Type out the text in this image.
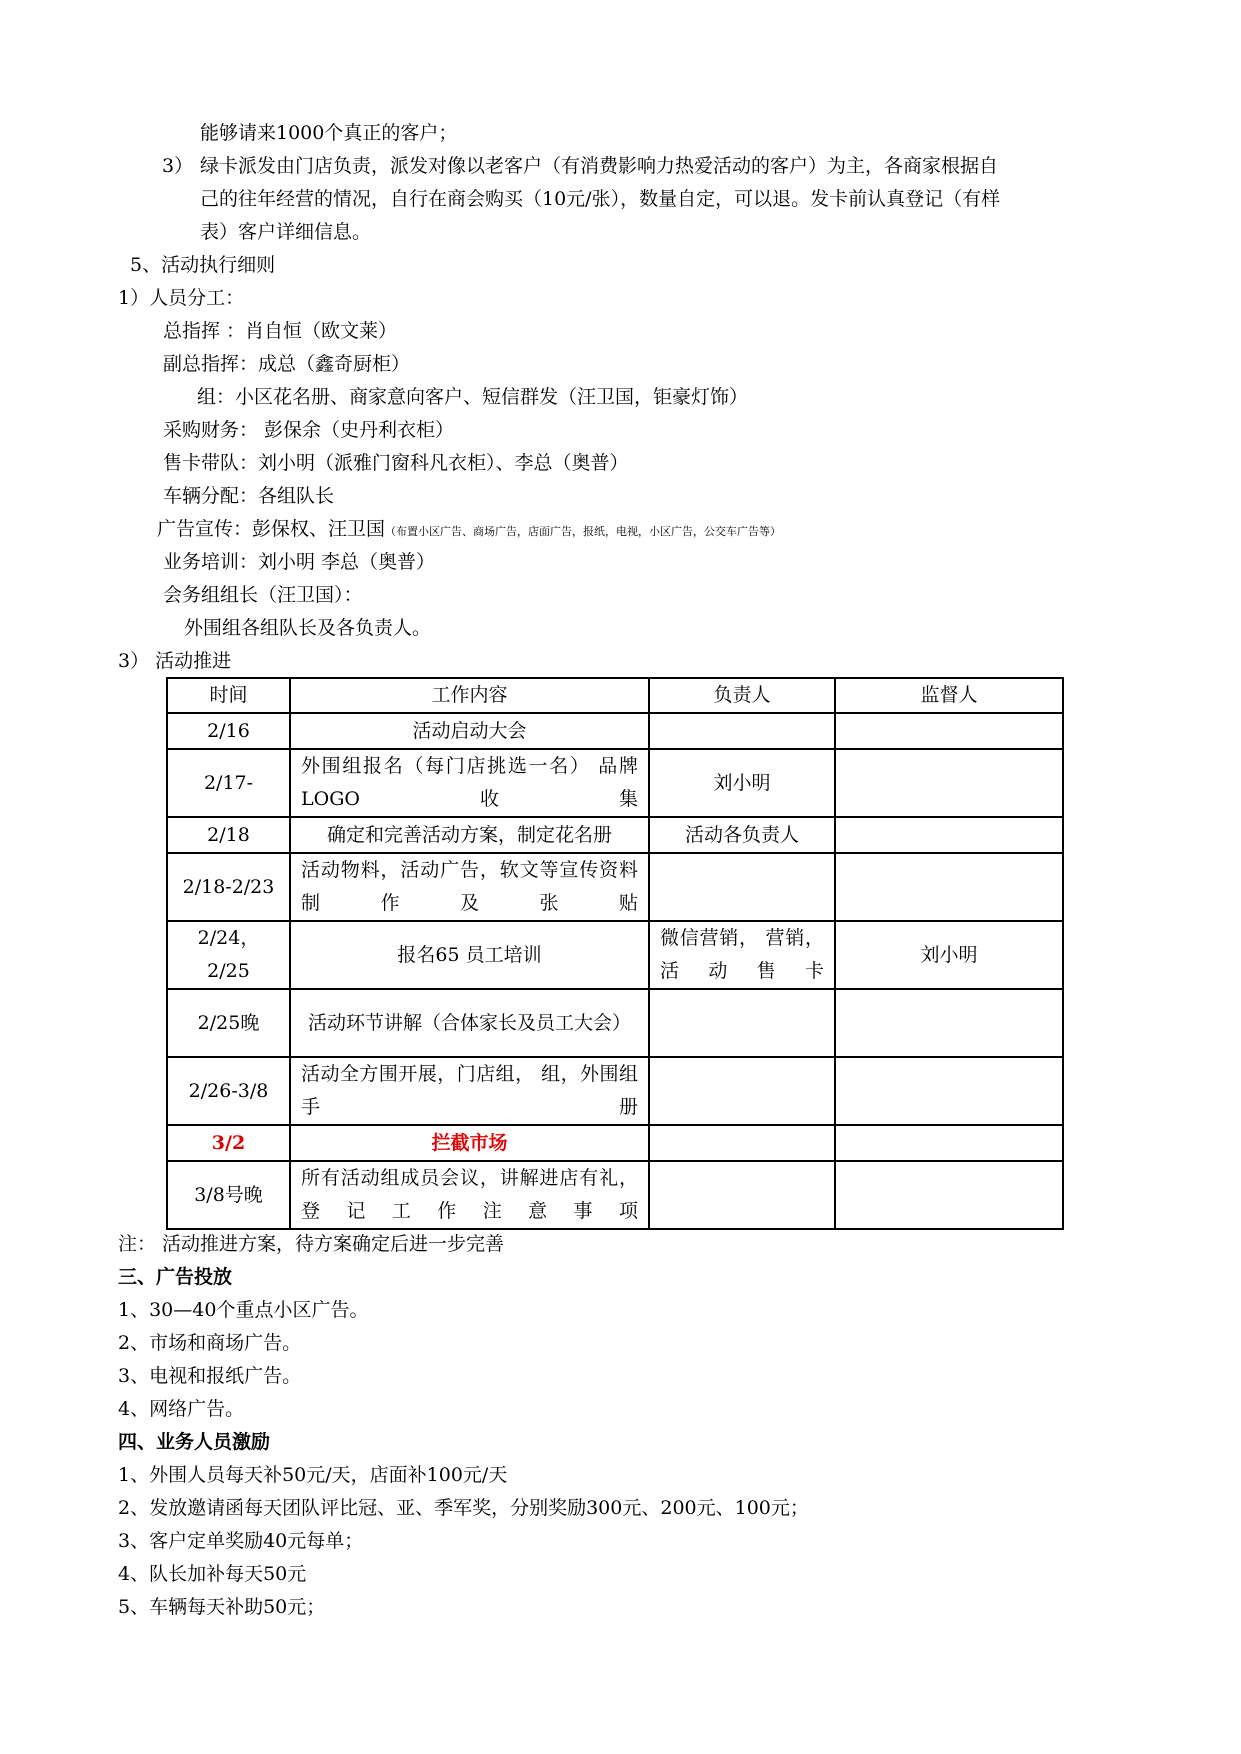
能够请来1000个真正的客户；
3） 绿卡派发由门店负责，派发对像以老客户（有消费影响力热爱活动的客户）为主，各商家根据自
己的往年经营的情况，自行在商会购买（10元/张），数量自定，可以退。发卡前认真登记（有样
表）客户详细信息。
5、活动执行细则
1）人员分工：
总指挥 ：肖自恒（欧文莱）
副总指挥：成总（鑫奇厨柜）
组：小区花名册、商家意向客户、短信群发（汪卫国，钜豪灯饰）
采购财务： 彭保余（史丹利衣柜）
售卡带队：刘小明（派雅门窗科凡衣柜）、李总（奥普）
车辆分配：各组队长
广告宣传：彭保权、汪卫国（布置小区广告、商场广告，店面广告，报纸，电视，小区广告，公交车广告等）
业务培训：刘小明 李总（奥普）
会务组组长（汪卫国）：
外围组各组队长及各负责人。
3） 活动推进
时间	工作内容	负责人	监督人
2/16	活动启动大会		
2/17-	外围组报名（每门店挑选一名） 品牌LOGO收集	刘小明	
2/18	确定和完善活动方案，制定花名册	活动各负责人	
2/18-2/23	活动物料，活动广告，软文等宣传资料制作及张贴		
2/24，2/25	报名65 员工培训	微信营销， 营销，活动售卡	刘小明
2/25晚	活动环节讲解（合体家长及员工大会）		
2/26-3/8	活动全方围开展，门店组， 组，外围组手册		
3/2	拦截市场		
3/8号晚	所有活动组成员会议，讲解进店有礼，登记工作注意事项		
注： 活动推进方案，待方案确定后进一步完善
三、广告投放
1、30—40个重点小区广告。
2、市场和商场广告。
3、电视和报纸广告。
4、网络广告。
四、业务人员激励
1、外围人员每天补50元/天，店面补100元/天
2、发放邀请函每天团队评比冠、亚、季军奖，分别奖励300元、200元、100元；
3、客户定单奖励40元每单；
4、队长加补每天50元
5、车辆每天补助50元；
